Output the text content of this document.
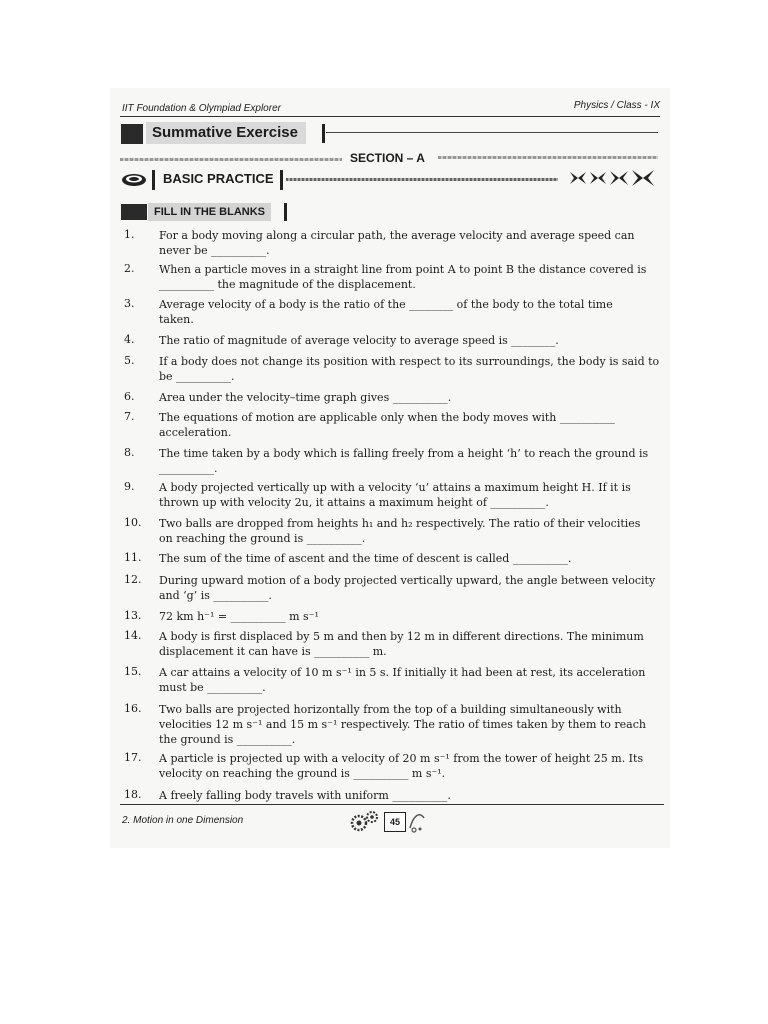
IIT Foundation & Olympiad Explorer	Physics / Class - IX
Summative Exercise
SECTION – A
BASIC PRACTICE
FILL IN THE BLANKS
1. For a body moving along a circular path, the average velocity and average speed can
never be __________.
2. When a particle moves in a straight line from point A to point B the distance covered is
__________ the magnitude of the displacement.
3. Average velocity of a body is the ratio of the ________ of the body to the total time
taken.
4. The ratio of magnitude of average velocity to average speed is ________.
5. If a body does not change its position with respect to its surroundings, the body is said to
be __________.
6. Area under the velocity–time graph gives __________.
7. The equations of motion are applicable only when the body moves with __________
acceleration.
8. The time taken by a body which is falling freely from a height ‘h’ to reach the ground is
__________.
9. A body projected vertically up with a velocity ‘u’ attains a maximum height H. If it is
thrown up with velocity 2u, it attains a maximum height of __________.
10. Two balls are dropped from heights h₁ and h₂ respectively. The ratio of their velocities
on reaching the ground is __________.
11. The sum of the time of ascent and the time of descent is called __________.
12. During upward motion of a body projected vertically upward, the angle between velocity
and ‘g’ is __________.
13. 72 km h⁻¹ = __________ m s⁻¹
14. A body is first displaced by 5 m and then by 12 m in different directions. The minimum
displacement it can have is __________ m.
15. A car attains a velocity of 10 m s⁻¹ in 5 s. If initially it had been at rest, its acceleration
must be __________.
16. Two balls are projected horizontally from the top of a building simultaneously with
velocities 12 m s⁻¹ and 15 m s⁻¹ respectively. The ratio of times taken by them to reach
the ground is __________.
17. A particle is projected up with a velocity of 20 m s⁻¹ from the tower of height 25 m. Its
velocity on reaching the ground is __________ m s⁻¹.
18. A freely falling body travels with uniform __________.
2. Motion in one Dimension	45
